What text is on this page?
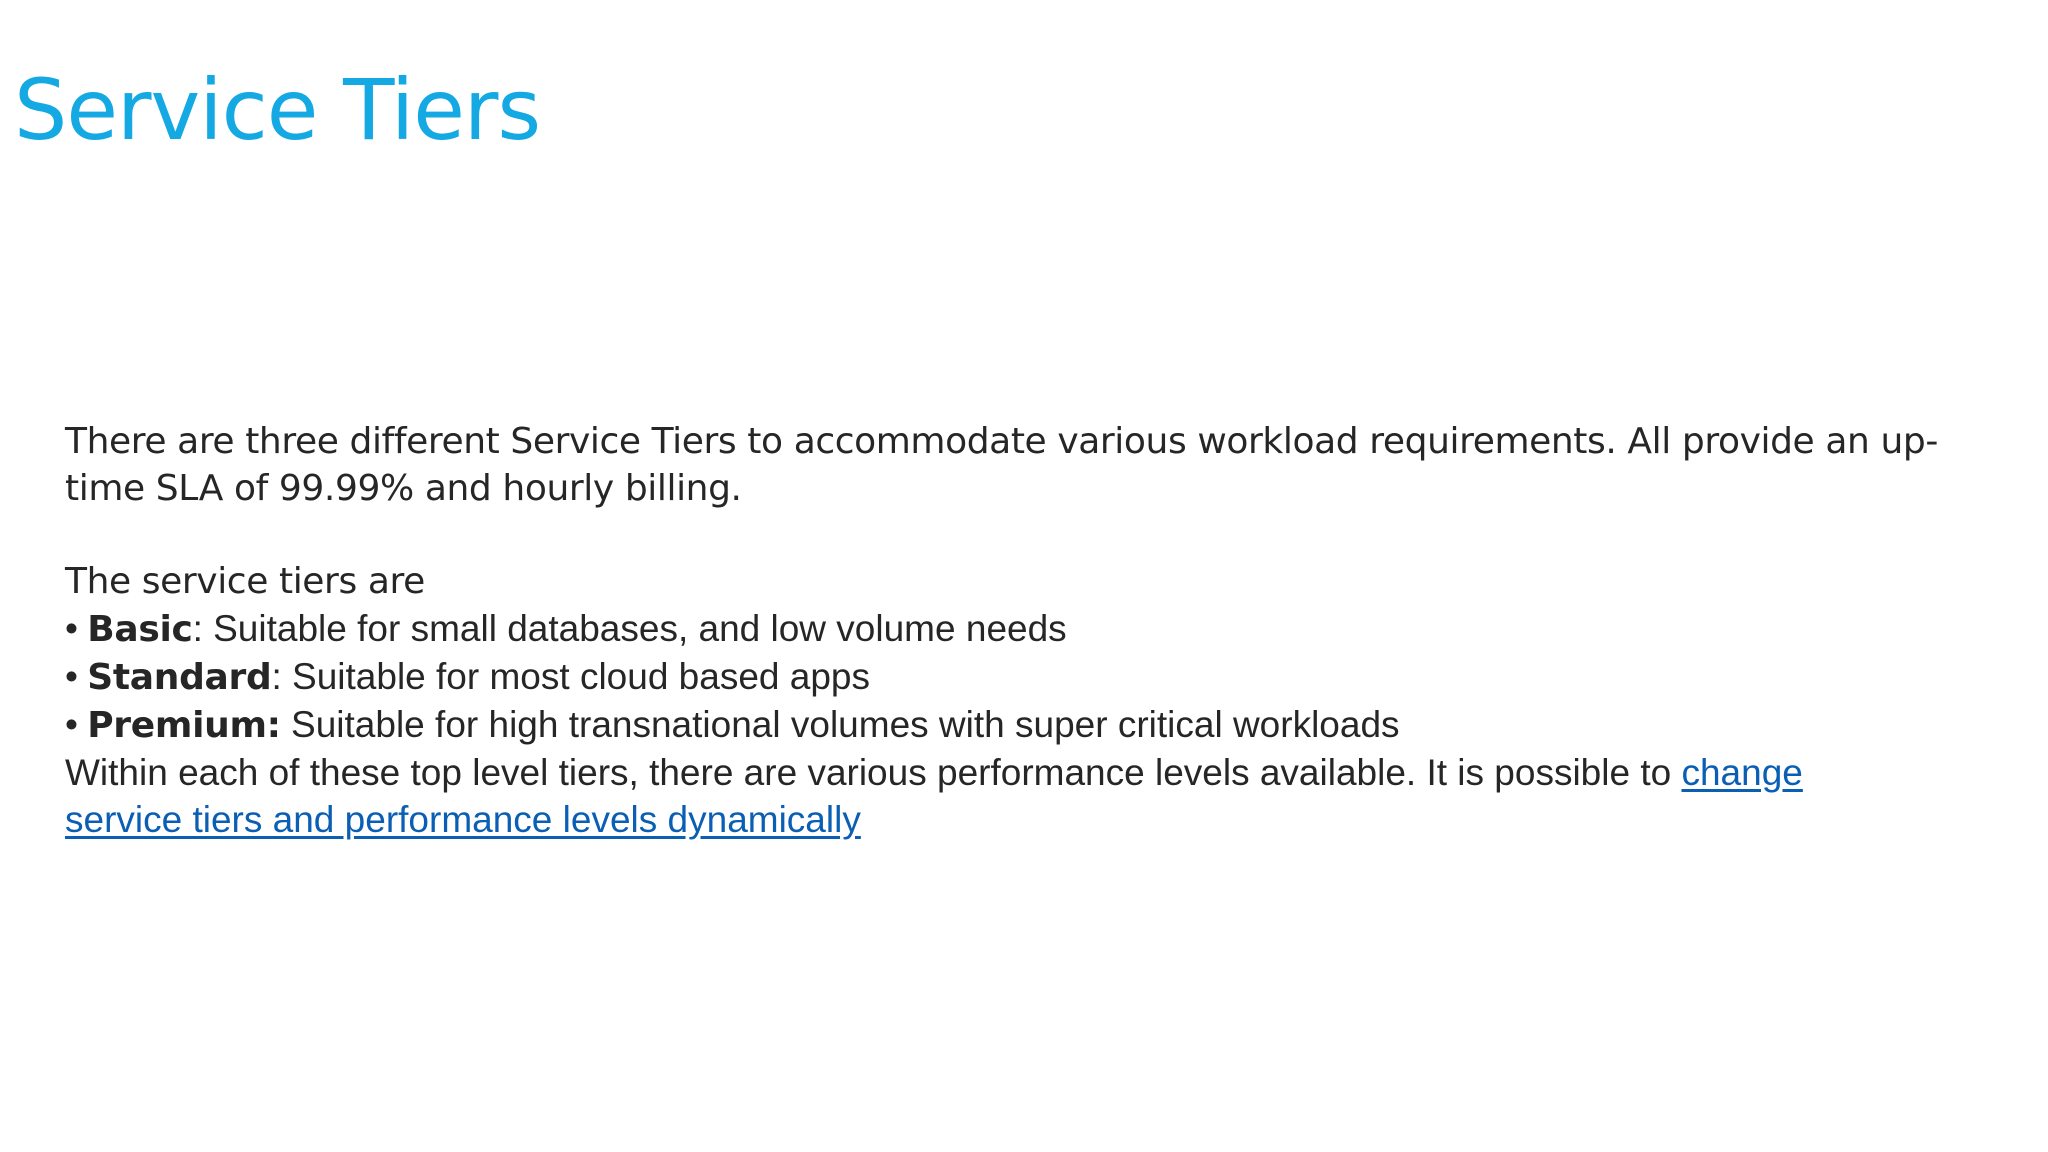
Service Tiers

There are three different Service Tiers to accommodate various workload requirements. All provide an up-time SLA of 99.99% and hourly billing.

The service tiers are

• Basic: Suitable for small databases, and low volume needs

• Standard: Suitable for most cloud based apps

• Premium: Suitable for high transnational volumes with super critical workloads

Within each of these top level tiers, there are various performance levels available. It is possible to change service tiers and performance levels dynamically
